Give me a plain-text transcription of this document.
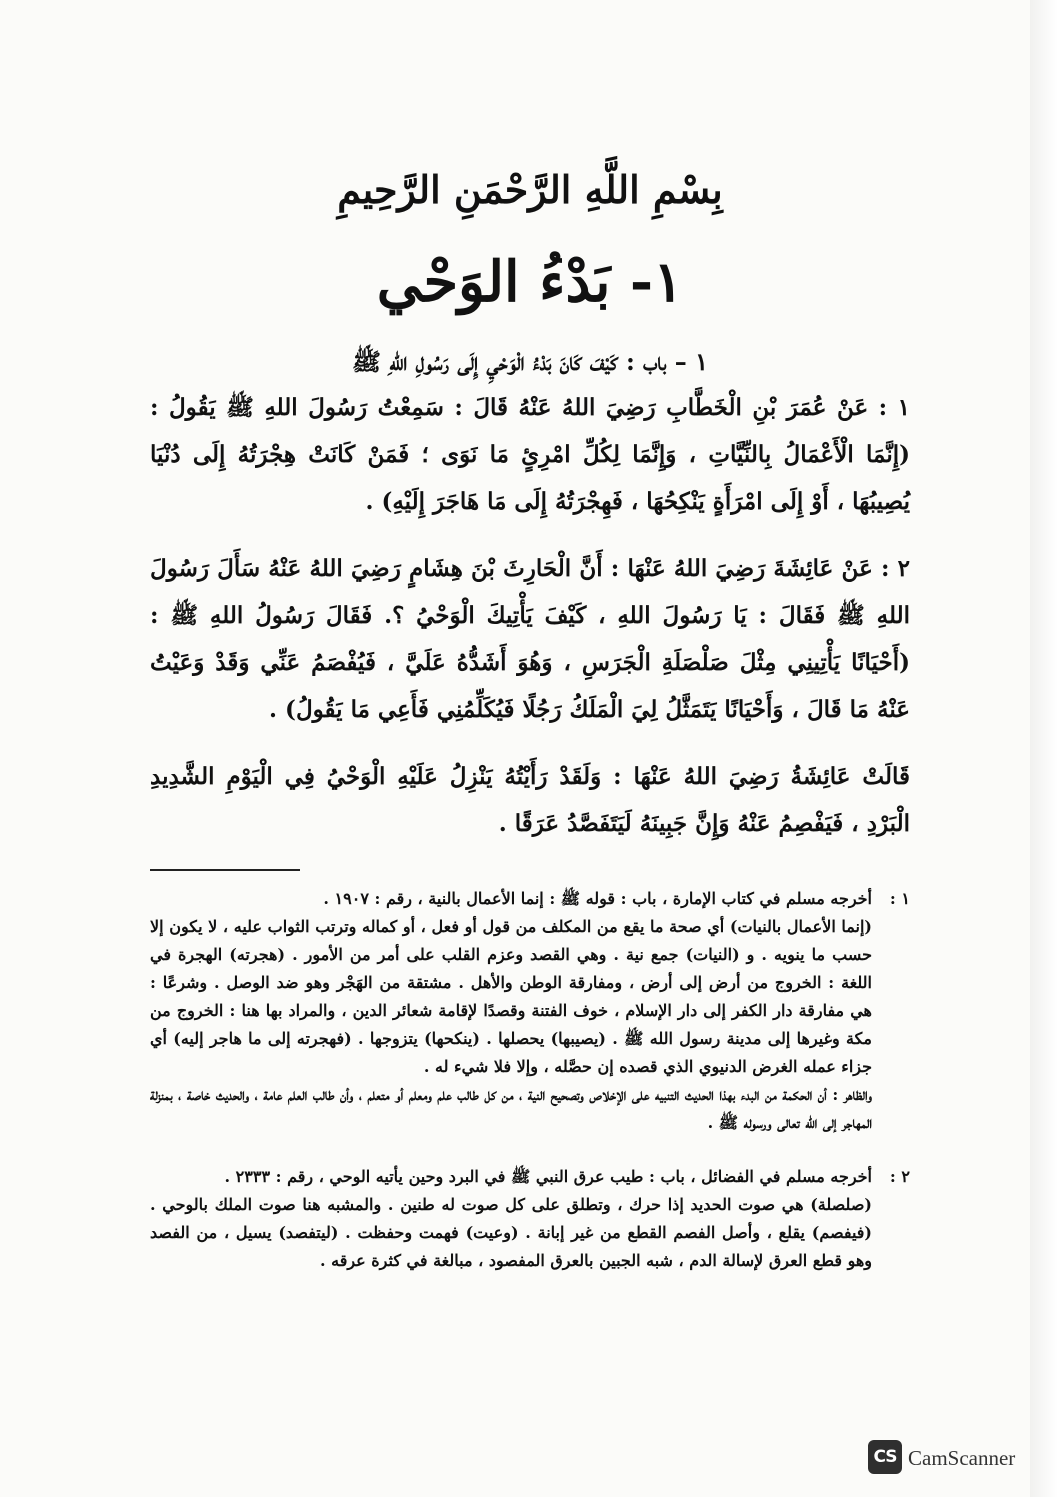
بِسْمِ اللَّهِ الرَّحْمَنِ الرَّحِيمِ
١- بَدْءُ الوَحْي
١ – باب : كَيْفَ كَانَ بَدْءُ الْوَحْيِ إِلَى رَسُولِ اللهِ ﷺ

١ : عَنْ عُمَرَ بْنِ الْخَطَّابِ رَضِيَ اللهُ عَنْهُ قَالَ : سَمِعْتُ رَسُولَ اللهِ ﷺ يَقُولُ : (إِنَّمَا الْأَعْمَالُ بِالنِّيَّاتِ ، وَإِنَّمَا لِكُلِّ امْرِئٍ مَا نَوَى ؛ فَمَنْ كَانَتْ هِجْرَتُهُ إِلَى دُنْيَا يُصِيبُهَا ، أَوْ إِلَى امْرَأَةٍ يَنْكِحُهَا ، فَهِجْرَتُهُ إِلَى مَا هَاجَرَ إِلَيْهِ) .

٢ : عَنْ عَائِشَةَ رَضِيَ اللهُ عَنْهَا : أَنَّ الْحَارِثَ بْنَ هِشَامٍ رَضِيَ اللهُ عَنْهُ سَأَلَ رَسُولَ اللهِ ﷺ فَقَالَ : يَا رَسُولَ اللهِ ، كَيْفَ يَأْتِيكَ الْوَحْيُ ؟. فَقَالَ رَسُولُ اللهِ ﷺ : (أَحْيَانًا يَأْتِينِي مِثْلَ صَلْصَلَةِ الْجَرَسِ ، وَهُوَ أَشَدُّهُ عَلَيَّ ، فَيُفْصَمُ عَنِّي وَقَدْ وَعَيْتُ عَنْهُ مَا قَالَ ، وَأَحْيَانًا يَتَمَثَّلُ لِيَ الْمَلَكُ رَجُلًا فَيُكَلِّمُنِي فَأَعِي مَا يَقُولُ) .

قَالَتْ عَائِشَةُ رَضِيَ اللهُ عَنْهَا : وَلَقَدْ رَأَيْتُهُ يَنْزِلُ عَلَيْهِ الْوَحْيُ فِي الْيَوْمِ الشَّدِيدِ الْبَرْدِ ، فَيَفْصِمُ عَنْهُ وَإِنَّ جَبِينَهُ لَيَتَفَصَّدُ عَرَقًا .

١ :
أخرجه مسلم في كتاب الإمارة ، باب : قوله ﷺ : إنما الأعمال بالنية ، رقم : ١٩٠٧ .
(إنما الأعمال بالنيات) أي صحة ما يقع من المكلف من قول أو فعل ، أو كماله وترتب الثواب عليه ، لا يكون إلا حسب ما ينويه . و (النيات) جمع نية . وهي القصد وعزم القلب على أمر من الأمور . (هجرته) الهجرة في اللغة : الخروج من أرض إلى أرض ، ومفارقة الوطن والأهل . مشتقة من الهَجْر وهو ضد الوصل . وشرعًا : هي مفارقة دار الكفر إلى دار الإسلام ، خوف الفتنة وقصدًا لإقامة شعائر الدين ، والمراد بها هنا : الخروج من مكة وغيرها إلى مدينة رسول الله ﷺ . (يصيبها) يحصلها . (ينكحها) يتزوجها . (فهجرته إلى ما هاجر إليه) أي جزاء عمله الغرض الدنيوي الذي قصده إن حصَّله ، وإلا فلا شيء له .
والظاهر : أن الحكمة من البدء بهذا الحديث التنبيه على الإخلاص وتصحيح النية ، من كل طالب علم ومعلم أو متعلم ، وأن طالب العلم عامة ، والحديث خاصة ، بمنزلة المهاجر إلى الله تعالى ورسوله ﷺ .
٢ :
أخرجه مسلم في الفضائل ، باب : طيب عرق النبي ﷺ في البرد وحين يأتيه الوحي ، رقم : ٢٣٣٣ .
(صلصلة) هي صوت الحديد إذا حرك ، وتطلق على كل صوت له طنين . والمشبه هنا صوت الملك بالوحي . (فيفصم) يقلع ، وأصل الفصم القطع من غير إبانة . (وعيت) فهمت وحفظت . (ليتفصد) يسيل ، من الفصد وهو قطع العرق لإسالة الدم ، شبه الجبين بالعرق المفصود ، مبالغة في كثرة عرقه .
CS CamScanner
